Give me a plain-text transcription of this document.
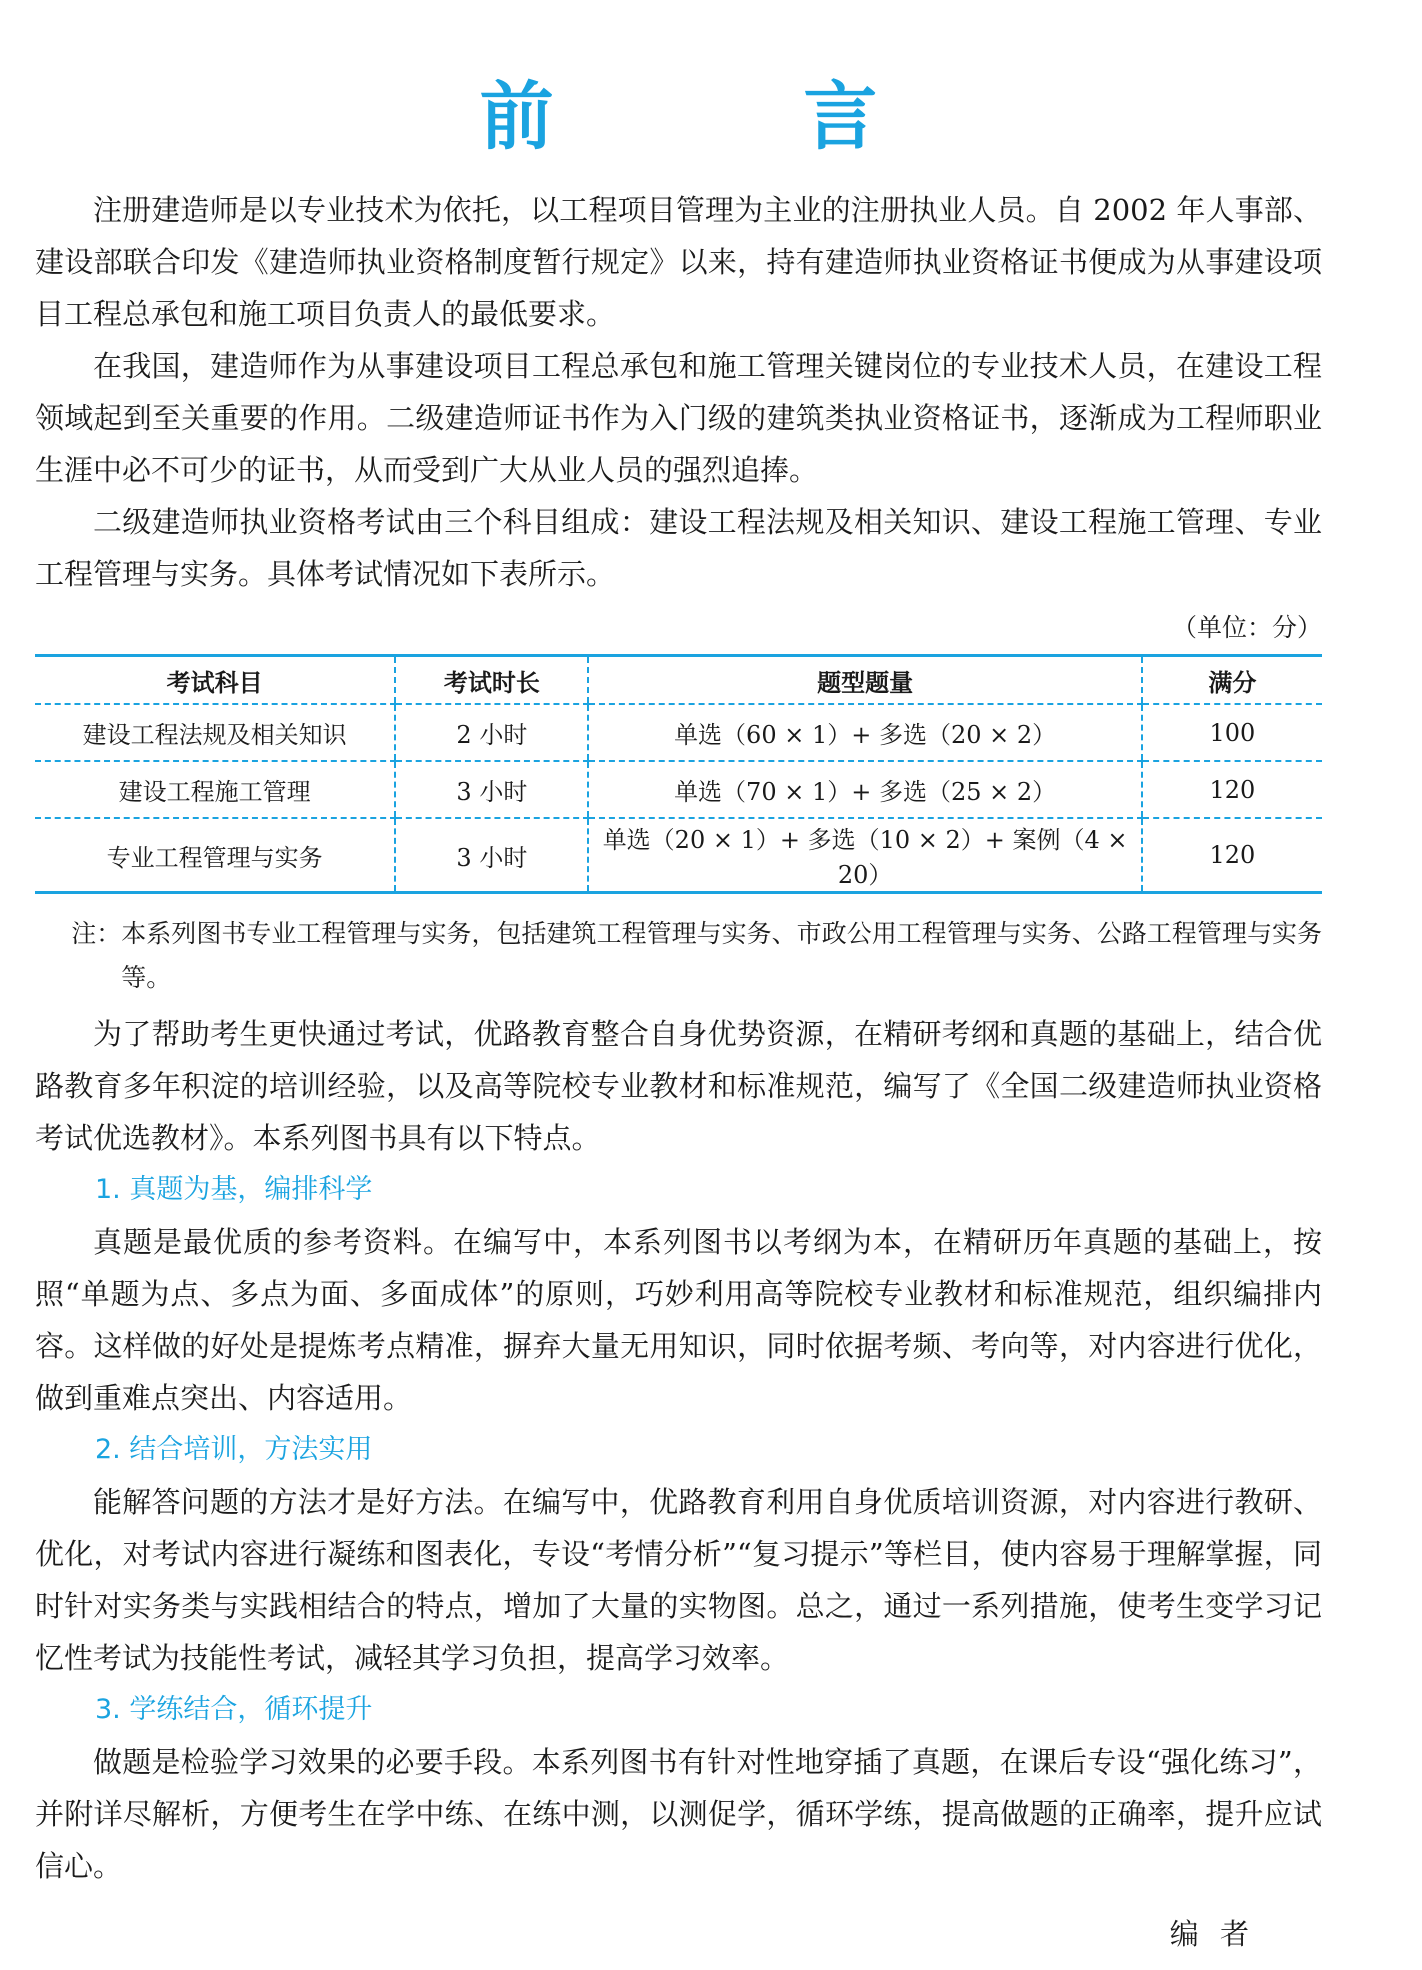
前 言

注册建造师是以专业技术为依托，以工程项目管理为主业的注册执业人员。自 2002 年人事部、建设部联合印发《建造师执业资格制度暂行规定》以来，持有建造师执业资格证书便成为从事建设项目工程总承包和施工项目负责人的最低要求。

在我国，建造师作为从事建设项目工程总承包和施工管理关键岗位的专业技术人员，在建设工程领域起到至关重要的作用。二级建造师证书作为入门级的建筑类执业资格证书，逐渐成为工程师职业生涯中必不可少的证书，从而受到广大从业人员的强烈追捧。

二级建造师执业资格考试由三个科目组成：建设工程法规及相关知识、建设工程施工管理、专业工程管理与实务。具体考试情况如下表所示。

（单位：分）
考试科目	考试时长	题型题量	满分
建设工程法规及相关知识	2 小时	单选（60 × 1）+ 多选（20 × 2）	100
建设工程施工管理	3 小时	单选（70 × 1）+ 多选（25 × 2）	120
专业工程管理与实务	3 小时	单选（20 × 1）+ 多选（10 × 2）+ 案例（4 × 20）	120
注：本系列图书专业工程管理与实务，包括建筑工程管理与实务、市政公用工程管理与实务、公路工程管理与实务等。

为了帮助考生更快通过考试，优路教育整合自身优势资源，在精研考纲和真题的基础上，结合优路教育多年积淀的培训经验，以及高等院校专业教材和标准规范，编写了《全国二级建造师执业资格考试优选教材》。本系列图书具有以下特点。

1. 真题为基，编排科学

真题是最优质的参考资料。在编写中，本系列图书以考纲为本，在精研历年真题的基础上，按照“单题为点、多点为面、多面成体”的原则，巧妙利用高等院校专业教材和标准规范，组织编排内容。这样做的好处是提炼考点精准，摒弃大量无用知识，同时依据考频、考向等，对内容进行优化，做到重难点突出、内容适用。

2. 结合培训，方法实用

能解答问题的方法才是好方法。在编写中，优路教育利用自身优质培训资源，对内容进行教研、优化，对考试内容进行凝练和图表化，专设“考情分析”“复习提示”等栏目，使内容易于理解掌握，同时针对实务类与实践相结合的特点，增加了大量的实物图。总之，通过一系列措施，使考生变学习记忆性考试为技能性考试，减轻其学习负担，提高学习效率。

3. 学练结合，循环提升

做题是检验学习效果的必要手段。本系列图书有针对性地穿插了真题，在课后专设“强化练习”，并附详尽解析，方便考生在学中练、在练中测，以测促学，循环学练，提高做题的正确率，提升应试信心。

编 者
